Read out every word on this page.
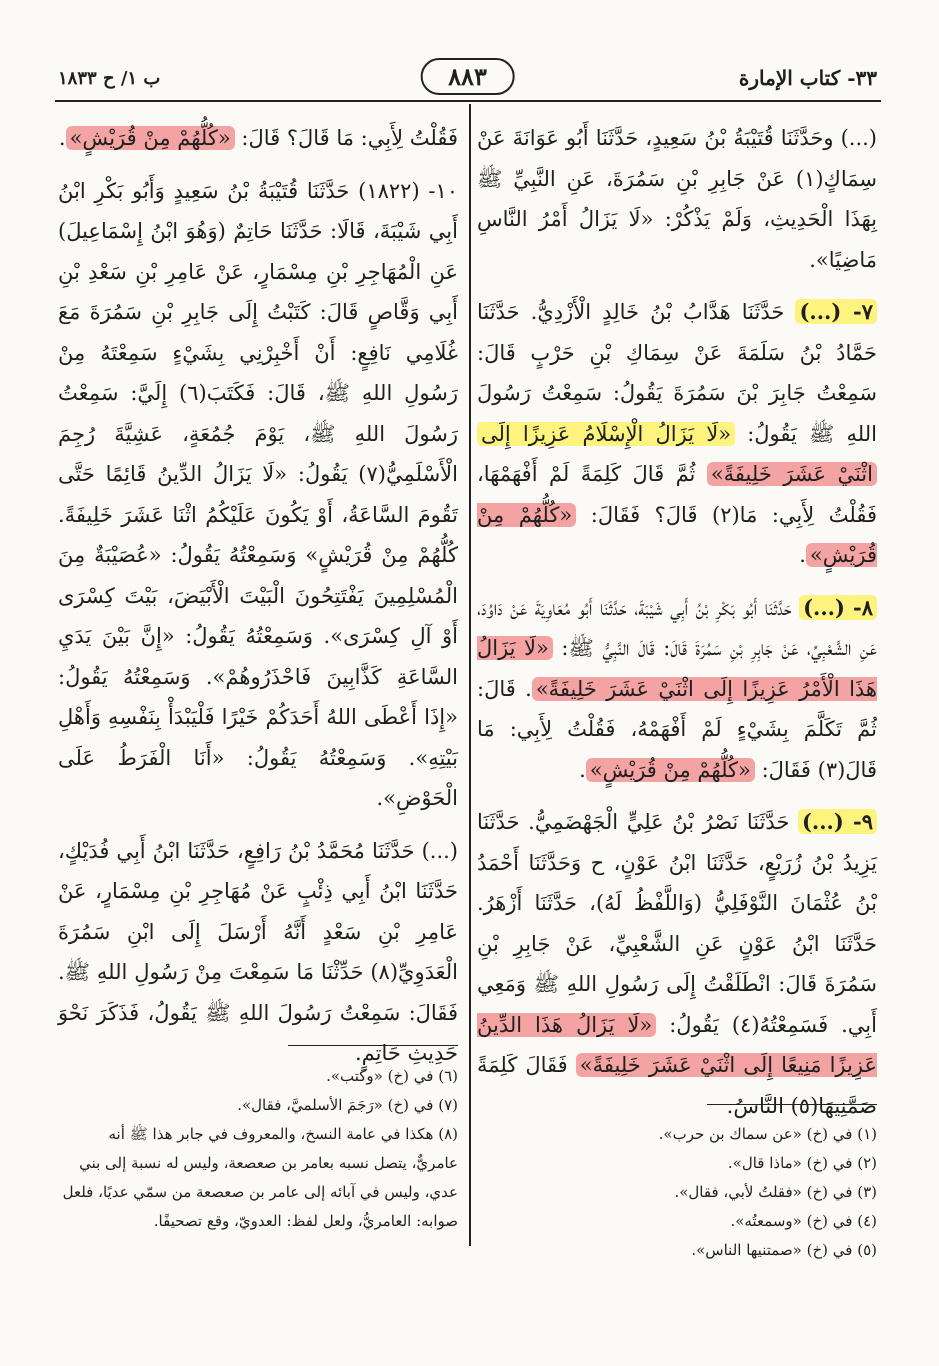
٣٣- كتاب الإمارة
٨٨٣
ب ١/ ح ١٨٣٣

(...) وحَدَّثَنَا قُتَيْبَةُ بْنُ سَعِيدٍ، حَدَّثَنَا أَبُو عَوَانَةَ عَنْ سِمَاكٍ(١) عَنْ جَابِرِ بْنِ سَمُرَةَ، عَنِ النَّبِيِّ ﷺ بِهَذَا الْحَدِيثِ، وَلَمْ يَذْكُرْ: «لَا يَزَالُ أَمْرُ النَّاسِ مَاضِيًا».

٧- (...) حَدَّثَنَا هَدَّابُ بْنُ خَالِدٍ الْأَزْدِيُّ. حَدَّثَنَا حَمَّادُ بْنُ سَلَمَةَ عَنْ سِمَاكِ بْنِ حَرْبٍ قَالَ: سَمِعْتُ جَابِرَ بْنَ سَمُرَةَ يَقُولُ: سَمِعْتُ رَسُولَ اللهِ ﷺ يَقُولُ: «لَا يَزَالُ الْإِسْلَامُ عَزِيزًا إِلَى اثْنَيْ عَشَرَ خَلِيفَةً» ثُمَّ قَالَ كَلِمَةً لَمْ أَفْهَمْهَا، فَقُلْتُ لِأَبِي: مَا(٢) قَالَ؟ فَقَالَ: «كُلُّهُمْ مِنْ قُرَيْشٍ».

٨- (...) حَدَّثَنَا أَبُو بَكْرِ بْنُ أَبِي شَيْبَةَ، حَدَّثَنَا أَبُو مُعَاوِيَةَ عَنْ دَاوُدَ، عَنِ الشَّعْبِيِّ، عَنْ جَابِرِ بْنِ سَمُرَةَ قَالَ: قَالَ النَّبِيُّ ﷺ: «لَا يَزَالُ هَذَا الْأَمْرُ عَزِيزًا إِلَى اثْنَيْ عَشَرَ خَلِيفَةً». قَالَ: ثُمَّ تَكَلَّمَ بِشَيْءٍ لَمْ أَفْهَمْهُ، فَقُلْتُ لِأَبِي: مَا قَالَ(٣) فَقَالَ: «كُلُّهُمْ مِنْ قُرَيْشٍ».

٩- (...) حَدَّثَنَا نَصْرُ بْنُ عَلِيٍّ الْجَهْضَمِيُّ. حَدَّثَنَا يَزِيدُ بْنُ زُرَيْعٍ، حَدَّثَنَا ابْنُ عَوْنٍ، ح وَحَدَّثَنَا أَحْمَدُ بْنُ عُثْمَانَ النَّوْفَلِيُّ (وَاللَّفْظُ لَهُ)، حَدَّثَنَا أَزْهَرُ. حَدَّثَنَا ابْنُ عَوْنٍ عَنِ الشَّعْبِيِّ، عَنْ جَابِرِ بْنِ سَمُرَةَ قَالَ: انْطَلَقْتُ إِلَى رَسُولِ اللهِ ﷺ وَمَعِي أَبِي. فَسَمِعْتُهُ(٤) يَقُولُ: «لَا يَزَالُ هَذَا الدِّينُ عَزِيزًا مَنِيعًا إِلَى اثْنَيْ عَشَرَ خَلِيفَةً» فَقَالَ كَلِمَةً صَمَّنِيهَا(٥) النَّاسُ.

فَقُلْتُ لِأَبِي: مَا قَالَ؟ قَالَ: «كُلُّهُمْ مِنْ قُرَيْشٍ».

١٠- (١٨٢٢) حَدَّثَنَا قُتَيْبَةُ بْنُ سَعِيدٍ وَأَبُو بَكْرِ ابْنُ أَبِي شَيْبَةَ، قَالَا: حَدَّثَنَا حَاتِمٌ (وَهُوَ ابْنُ إِسْمَاعِيلَ) عَنِ الْمُهَاجِرِ بْنِ مِسْمَارٍ، عَنْ عَامِرِ بْنِ سَعْدِ بْنِ أَبِي وَقَّاصٍ قَالَ: كَتَبْتُ إِلَى جَابِرِ بْنِ سَمُرَةَ مَعَ غُلَامِي نَافِعٍ: أَنْ أَخْبِرْنِي بِشَيْءٍ سَمِعْتَهُ مِنْ رَسُولِ اللهِ ﷺ، قَالَ: فَكَتَبَ(٦) إِلَيَّ: سَمِعْتُ رَسُولَ اللهِ ﷺ، يَوْمَ جُمُعَةٍ، عَشِيَّةَ رُجِمَ الْأَسْلَمِيُّ(٧) يَقُولُ: «لَا يَزَالُ الدِّينُ قَائِمًا حَتَّى تَقُومَ السَّاعَةُ، أَوْ يَكُونَ عَلَيْكُمُ اثْنَا عَشَرَ خَلِيفَةً. كُلُّهُمْ مِنْ قُرَيْشٍ» وَسَمِعْتُهُ يَقُولُ: «عُصَيْبَةٌ مِنَ الْمُسْلِمِينَ يَفْتَتِحُونَ الْبَيْتَ الْأَبْيَضَ، بَيْتَ كِسْرَى أَوْ آلِ كِسْرَى». وَسَمِعْتُهُ يَقُولُ: «إِنَّ بَيْنَ يَدَيِ السَّاعَةِ كَذَّابِينَ فَاحْذَرُوهُمْ». وَسَمِعْتُهُ يَقُولُ: «إِذَا أَعْطَى اللهُ أَحَدَكُمْ خَيْرًا فَلْيَبْدَأْ بِنَفْسِهِ وَأَهْلِ بَيْتِهِ». وَسَمِعْتُهُ يَقُولُ: «أَنَا الْفَرَطُ عَلَى الْحَوْضِ».

(...) حَدَّثَنَا مُحَمَّدُ بْنُ رَافِعٍ، حَدَّثَنَا ابْنُ أَبِي فُدَيْكٍ، حَدَّثَنَا ابْنُ أَبِي ذِئْبٍ عَنْ مُهَاجِرِ بْنِ مِسْمَارٍ، عَنْ عَامِرِ بْنِ سَعْدٍ أَنَّهُ أَرْسَلَ إِلَى ابْنِ سَمُرَةَ الْعَدَوِيِّ(٨) حَدِّثْنَا مَا سَمِعْتَ مِنْ رَسُولِ اللهِ ﷺ. فَقَالَ: سَمِعْتُ رَسُولَ اللهِ ﷺ يَقُولُ، فَذَكَرَ نَحْوَ حَدِيثِ حَاتِمٍ.

(١) في (خ) «عن سماك بن حرب».
(٢) في (خ) «ماذا قال».
(٣) في (خ) «فقلتُ لأبي، فقال».
(٤) في (خ) «وسمعتُه».
(٥) في (خ) «صمتنيها الناس».
(٦) في (خ) «وكتب».
(٧) في (خ) «رَجَمَ الأسلميَّ، فقال».
(٨) هكذا في عامة النسخ، والمعروف في جابر هذا ﷺ أنه عامريٌّ، يتصل نسبه بعامر بن صعصعة، وليس له نسبة إلى بني عدي، وليس في آبائه إلى عامر بن صعصعة من سمّي عديًا، فلعل صوابه: العامريُّ، ولعل لفظ: العدويّ، وقع تصحيفًا.
